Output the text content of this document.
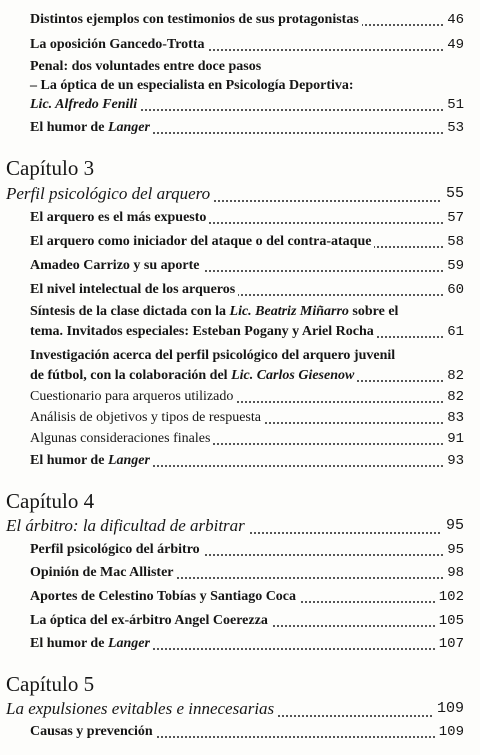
Distintos ejemplos con testimonios de sus protagonistas	46
La oposición Gancedo-Trotta	49
Penal: dos voluntades entre doce pasos
– La óptica de un especialista en Psicología Deportiva:
Lic. Alfredo Fenili	51
El humor de Langer	53
Capítulo 3
Perfil psicológico del arquero	55
El arquero es el más expuesto	57
El arquero como iniciador del ataque o del contra-ataque	58
Amadeo Carrizo y su aporte	59
El nivel intelectual de los arqueros	60
Síntesis de la clase dictada con la Lic. Beatriz Miñarro sobre el
tema. Invitados especiales: Esteban Pogany y Ariel Rocha	61
Investigación acerca del perfil psicológico del arquero juvenil
de fútbol, con la colaboración del Lic. Carlos Giesenow	82
Cuestionario para arqueros utilizado	82
Análisis de objetivos y tipos de respuesta	83
Algunas consideraciones finales	91
El humor de Langer	93
Capítulo 4
El árbitro: la dificultad de arbitrar	95
Perfil psicológico del árbitro	95
Opinión de Mac Allister	98
Aportes de Celestino Tobías y Santiago Coca	102
La óptica del ex-árbitro Angel Coerezza	105
El humor de Langer	107
Capítulo 5
La expulsiones evitables e innecesarias	109
Causas y prevención	109
